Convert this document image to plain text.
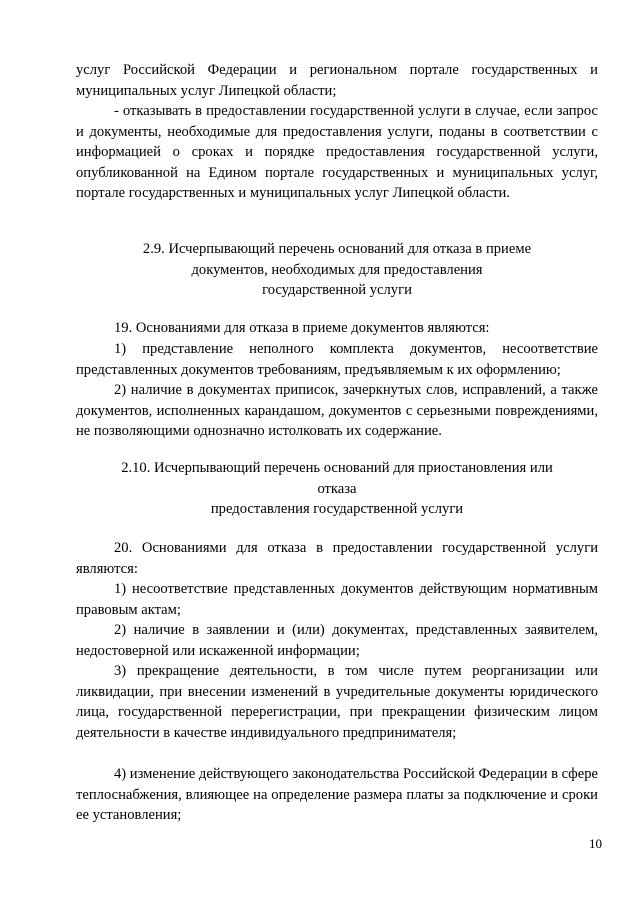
услуг Российской Федерации и региональном портале государственных и муниципальных услуг Липецкой области;

- отказывать в предоставлении государственной услуги в случае, если запрос и документы, необходимые для предоставления услуги, поданы в соответствии с информацией о сроках и порядке предоставления государственной услуги, опубликованной на Едином портале государственных и муниципальных услуг, портале государственных и муниципальных услуг Липецкой области.

2.9. Исчерпывающий перечень оснований для отказа в приеме
документов, необходимых для предоставления
государственной услуги

19. Основаниями для отказа в приеме документов являются:

1) представление неполного комплекта документов, несоответствие представленных документов требованиям, предъявляемым к их оформлению;

2) наличие в документах приписок, зачеркнутых слов, исправлений, а также документов, исполненных карандашом, документов с серьезными повреждениями, не позволяющими однозначно истолковать их содержание.

2.10. Исчерпывающий перечень оснований для приостановления или
отказа
предоставления государственной услуги

20. Основаниями для отказа в предоставлении государственной услуги являются:

1) несоответствие представленных документов действующим нормативным правовым актам;

2) наличие в заявлении и (или) документах, представленных заявителем, недостоверной или искаженной информации;

3) прекращение деятельности, в том числе путем реорганизации или ликвидации, при внесении изменений в учредительные документы юридического лица, государственной перерегистрации, при прекращении физическим лицом деятельности в качестве индивидуального предпринимателя;

4) изменение действующего законодательства Российской Федерации в сфере теплоснабжения, влияющее на определение размера платы за подключение и сроки ее установления;

10
